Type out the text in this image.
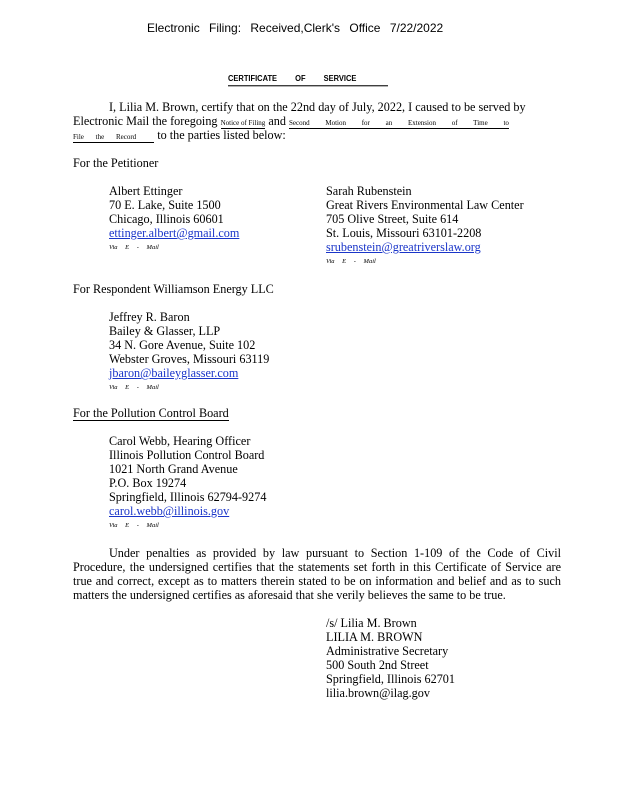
Electronic Filing: Received,Clerk's Office 7/22/2022
CERTIFICATE OF SERVICE
I, Lilia M. Brown, certify that on the 22nd day of July, 2022, I caused to be served by
Electronic Mail the foregoing Notice of Filing and Second Motion for an Extension of Time to
File the Record to the parties listed below:
For the Petitioner
Albert Ettinger
70 E. Lake, Suite 1500
Chicago, Illinois 60601
ettinger.albert@gmail.com
Via E - Mail
Sarah Rubenstein
Great Rivers Environmental Law Center
705 Olive Street, Suite 614
St. Louis, Missouri 63101-2208
srubenstein@greatriverslaw.org
Via E - Mail
For Respondent Williamson Energy LLC
Jeffrey R. Baron
Bailey & Glasser, LLP
34 N. Gore Avenue, Suite 102
Webster Groves, Missouri 63119
jbaron@baileyglasser.com
Via E - Mail
For the Pollution Control Board
Carol Webb, Hearing Officer
Illinois Pollution Control Board
1021 North Grand Avenue
P.O. Box 19274
Springfield, Illinois 62794-9274
carol.webb@illinois.gov
Via E - Mail
Under penalties as provided by law pursuant to Section 1-109 of the Code of Civil Procedure, the undersigned certifies that the statements set forth in this Certificate of Service are true and correct, except as to matters therein stated to be on information and belief and as to such matters the undersigned certifies as aforesaid that she verily believes the same to be true.
/s/ Lilia M. Brown
LILIA M. BROWN
Administrative Secretary
500 South 2nd Street
Springfield, Illinois 62701
lilia.brown@ilag.gov
